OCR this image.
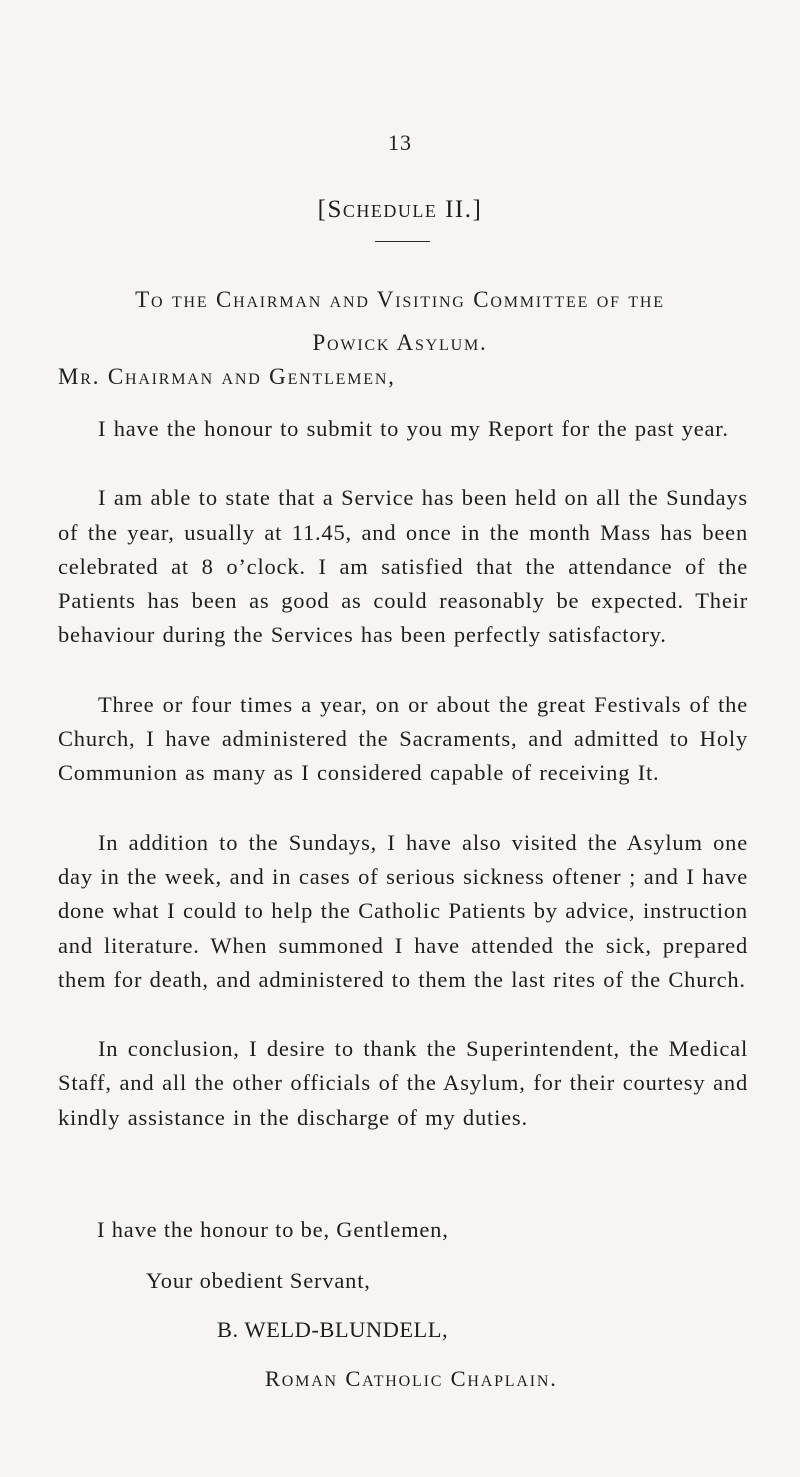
13
[Schedule II.]
To the Chairman and Visiting Committee of the
Powick Asylum.
Mr. Chairman and Gentlemen,

I have the honour to submit to you my Report for the past year.

I am able to state that a Service has been held on all the Sundays of the year, usually at 11.45, and once in the month Mass has been celebrated at 8 o’clock. I am satisfied that the attendance of the Patients has been as good as could reasonably be expected. Their behaviour during the Services has been perfectly satisfactory.

Three or four times a year, on or about the great Festivals of the Church, I have administered the Sacraments, and admitted to Holy Communion as many as I considered capable of receiving It.

In addition to the Sundays, I have also visited the Asylum one day in the week, and in cases of serious sickness oftener ; and I have done what I could to help the Catholic Patients by advice, instruction and literature. When summoned I have attended the sick, prepared them for death, and administered to them the last rites of the Church.

In conclusion, I desire to thank the Superintendent, the Medical Staff, and all the other officials of the Asylum, for their courtesy and kindly assistance in the discharge of my duties.

I have the honour to be, Gentlemen,
Your obedient Servant,
B. WELD-BLUNDELL,
Roman Catholic Chaplain.
